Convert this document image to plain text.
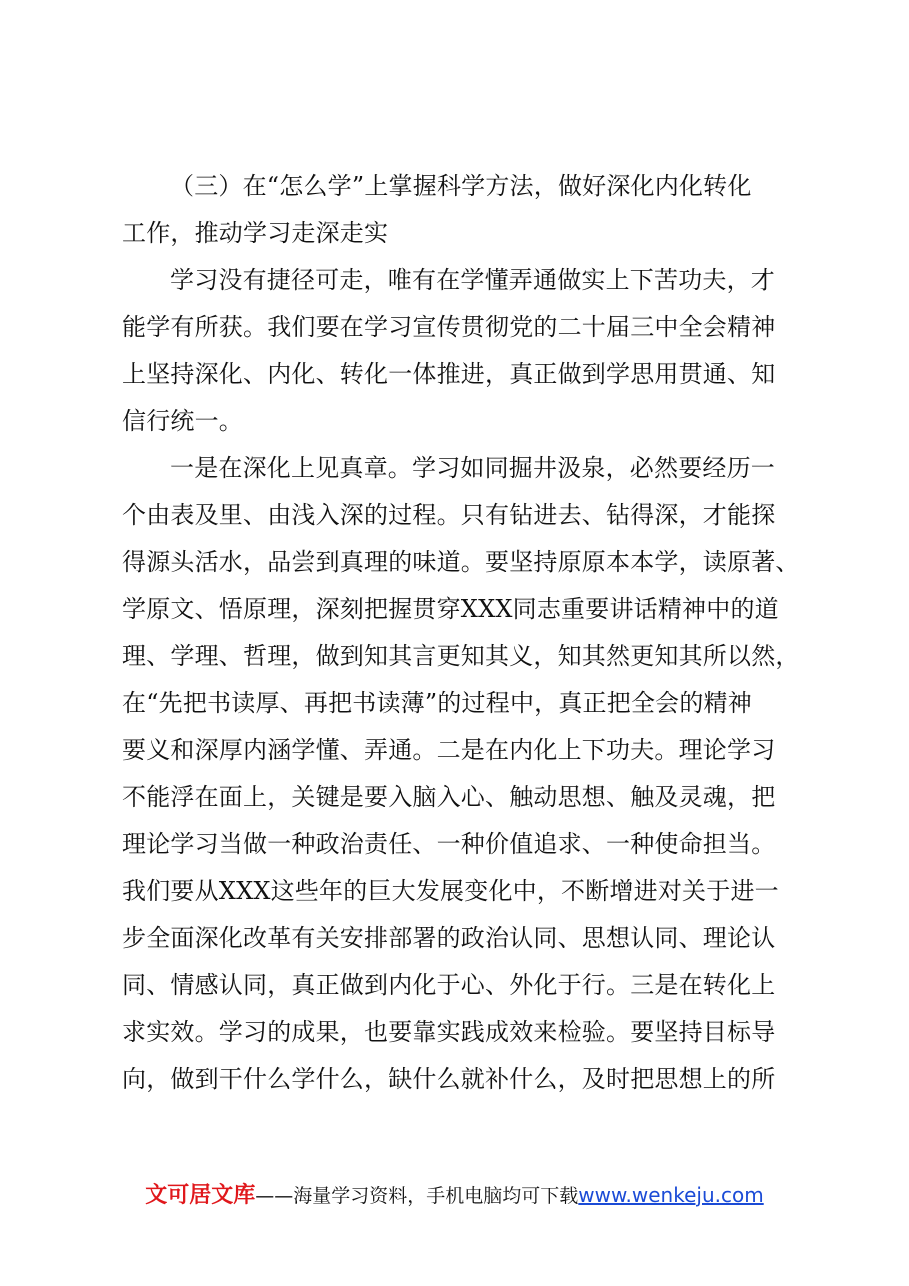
（三）在“怎么学”上掌握科学方法，做好深化内化转化
工作，推动学习走深走实
学习没有捷径可走，唯有在学懂弄通做实上下苦功夫，才
能学有所获。我们要在学习宣传贯彻党的二十届三中全会精神
上坚持深化、内化、转化一体推进，真正做到学思用贯通、知
信行统一。
一是在深化上见真章。学习如同掘井汲泉，必然要经历一
个由表及里、由浅入深的过程。只有钻进去、钻得深，才能探
得源头活水，品尝到真理的味道。要坚持原原本本学，读原著、
学原文、悟原理，深刻把握贯穿XXX同志重要讲话精神中的道
理、学理、哲理，做到知其言更知其义，知其然更知其所以然，
在“先把书读厚、再把书读薄”的过程中，真正把全会的精神
要义和深厚内涵学懂、弄通。二是在内化上下功夫。理论学习
不能浮在面上，关键是要入脑入心、触动思想、触及灵魂，把
理论学习当做一种政治责任、一种价值追求、一种使命担当。
我们要从XXX这些年的巨大发展变化中，不断增进对关于进一
步全面深化改革有关安排部署的政治认同、思想认同、理论认
同、情感认同，真正做到内化于心、外化于行。三是在转化上
求实效。学习的成果，也要靠实践成效来检验。要坚持目标导
向，做到干什么学什么，缺什么就补什么，及时把思想上的所
文可居文库——海量学习资料，手机电脑均可下载www.wenkeju.com
